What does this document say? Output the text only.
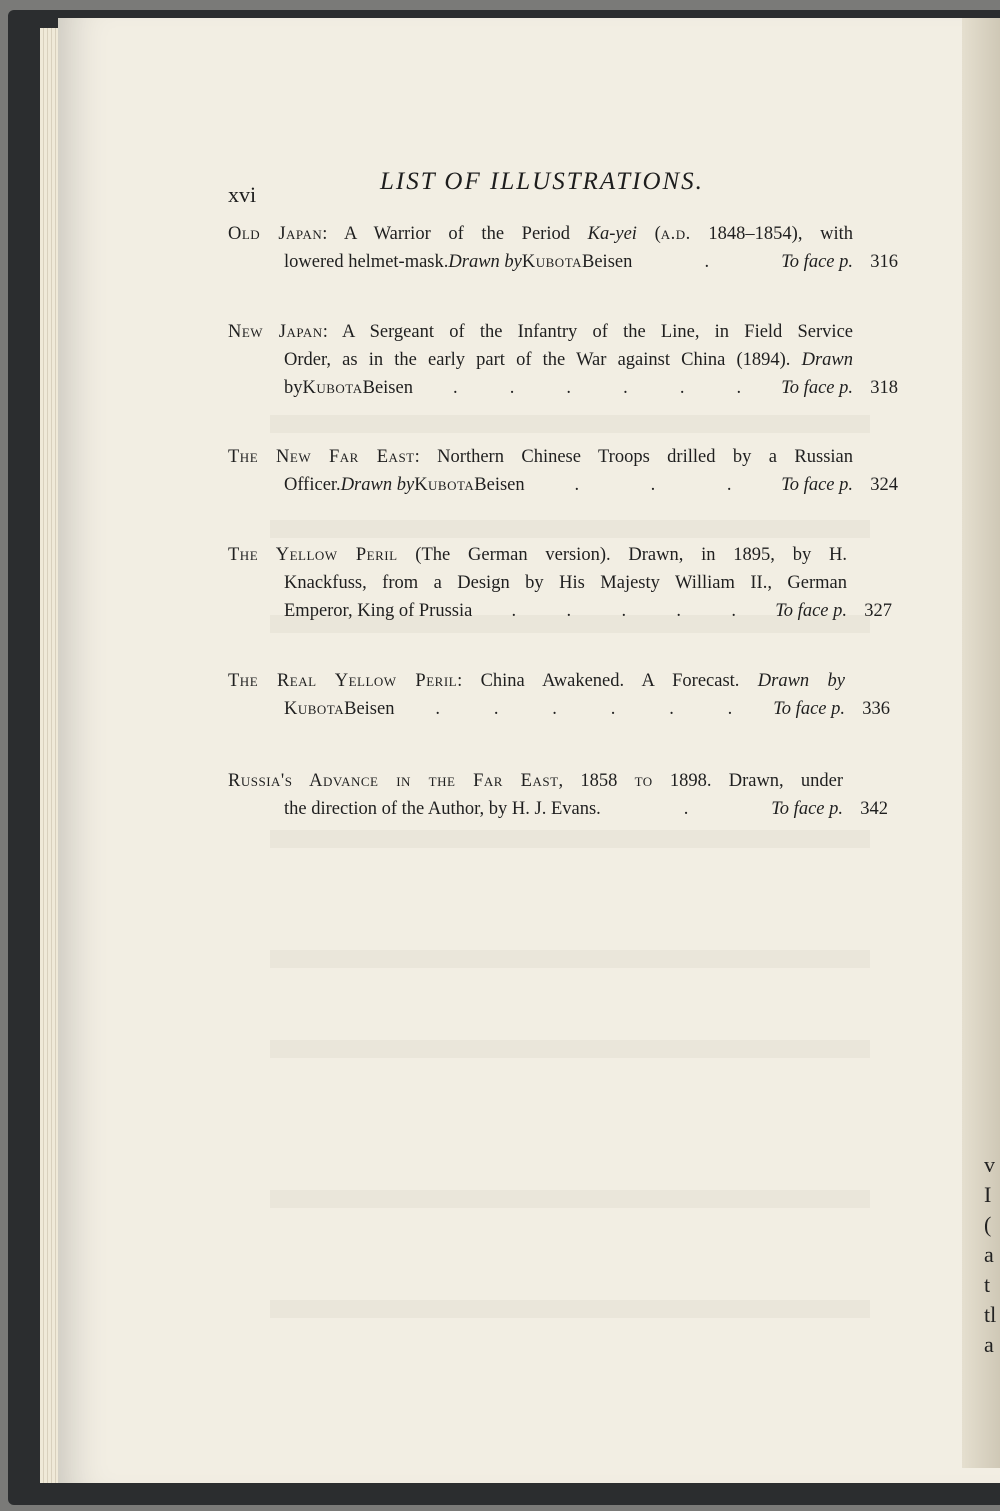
v
I
(
a
t
tl
a
xvi	LIST OF ILLUSTRATIONS.
Old Japan: A Warrior of the Period Ka-yei (a.d. 1848–1854), with
lowered helmet-mask. Drawn by Kubota Beisen	.	To face p. 316
New Japan: A Sergeant of the Infantry of the Line, in Field Service
Order, as in the early part of the War against China (1894). Drawn
by Kubota Beisen .	.	.	.	.	. To face p. 318
The New Far East: Northern Chinese Troops drilled by a Russian
Officer. Drawn by Kubota Beisen	.	.	.	To face p. 324
The Yellow Peril (The German version). Drawn, in 1895, by H.
Knackfuss, from a Design by His Majesty William II., German
Emperor, King of Prussia .	.	.	.	. To face p. 327
The Real Yellow Peril: China Awakened. A Forecast. Drawn by
Kubota Beisen .	.	.	.	.	. To face p. 336
Russia's Advance in the Far East, 1858 to 1898. Drawn, under
the direction of the Author, by H. J. Evans.	.	To face p. 342
